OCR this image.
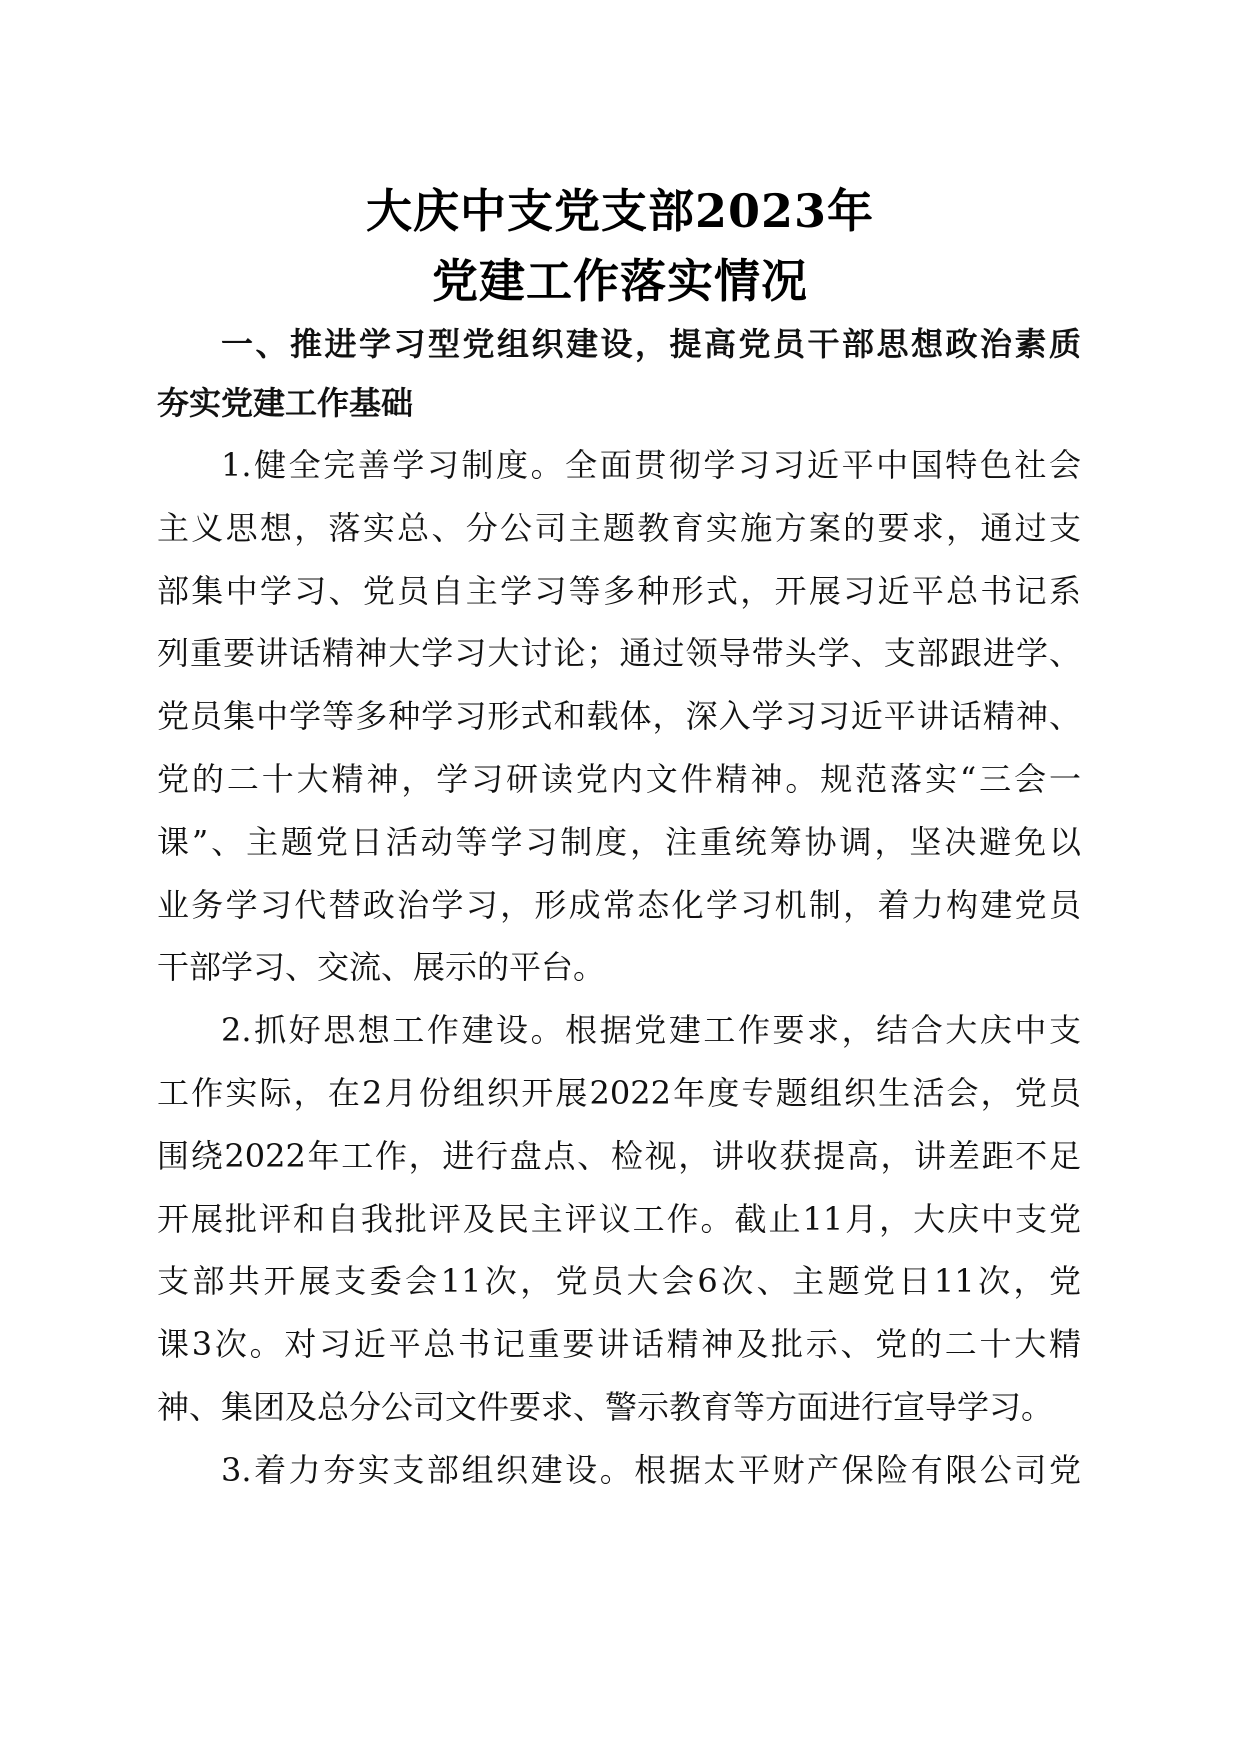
大庆中支党支部2023年
党建工作落实情况
一、推进学习型党组织建设，提高党员干部思想政治素质
夯实党建工作基础
1.健全完善学习制度。全面贯彻学习习近平中国特色社会
主义思想，落实总、分公司主题教育实施方案的要求，通过支
部集中学习、党员自主学习等多种形式，开展习近平总书记系
列重要讲话精神大学习大讨论；通过领导带头学、支部跟进学、
党员集中学等多种学习形式和载体，深入学习习近平讲话精神、
党的二十大精神，学习研读党内文件精神。规范落实“三会一
课”、主题党日活动等学习制度，注重统筹协调，坚决避免以
业务学习代替政治学习，形成常态化学习机制，着力构建党员
干部学习、交流、展示的平台。
2.抓好思想工作建设。根据党建工作要求，结合大庆中支
工作实际，在2月份组织开展2022年度专题组织生活会，党员
围绕2022年工作，进行盘点、检视，讲收获提高，讲差距不足
开展批评和自我批评及民主评议工作。截止11月，大庆中支党
支部共开展支委会11次，党员大会6次、主题党日11次，党
课3次。对习近平总书记重要讲话精神及批示、党的二十大精
神、集团及总分公司文件要求、警示教育等方面进行宣导学习。
3.着力夯实支部组织建设。根据太平财产保险有限公司党
